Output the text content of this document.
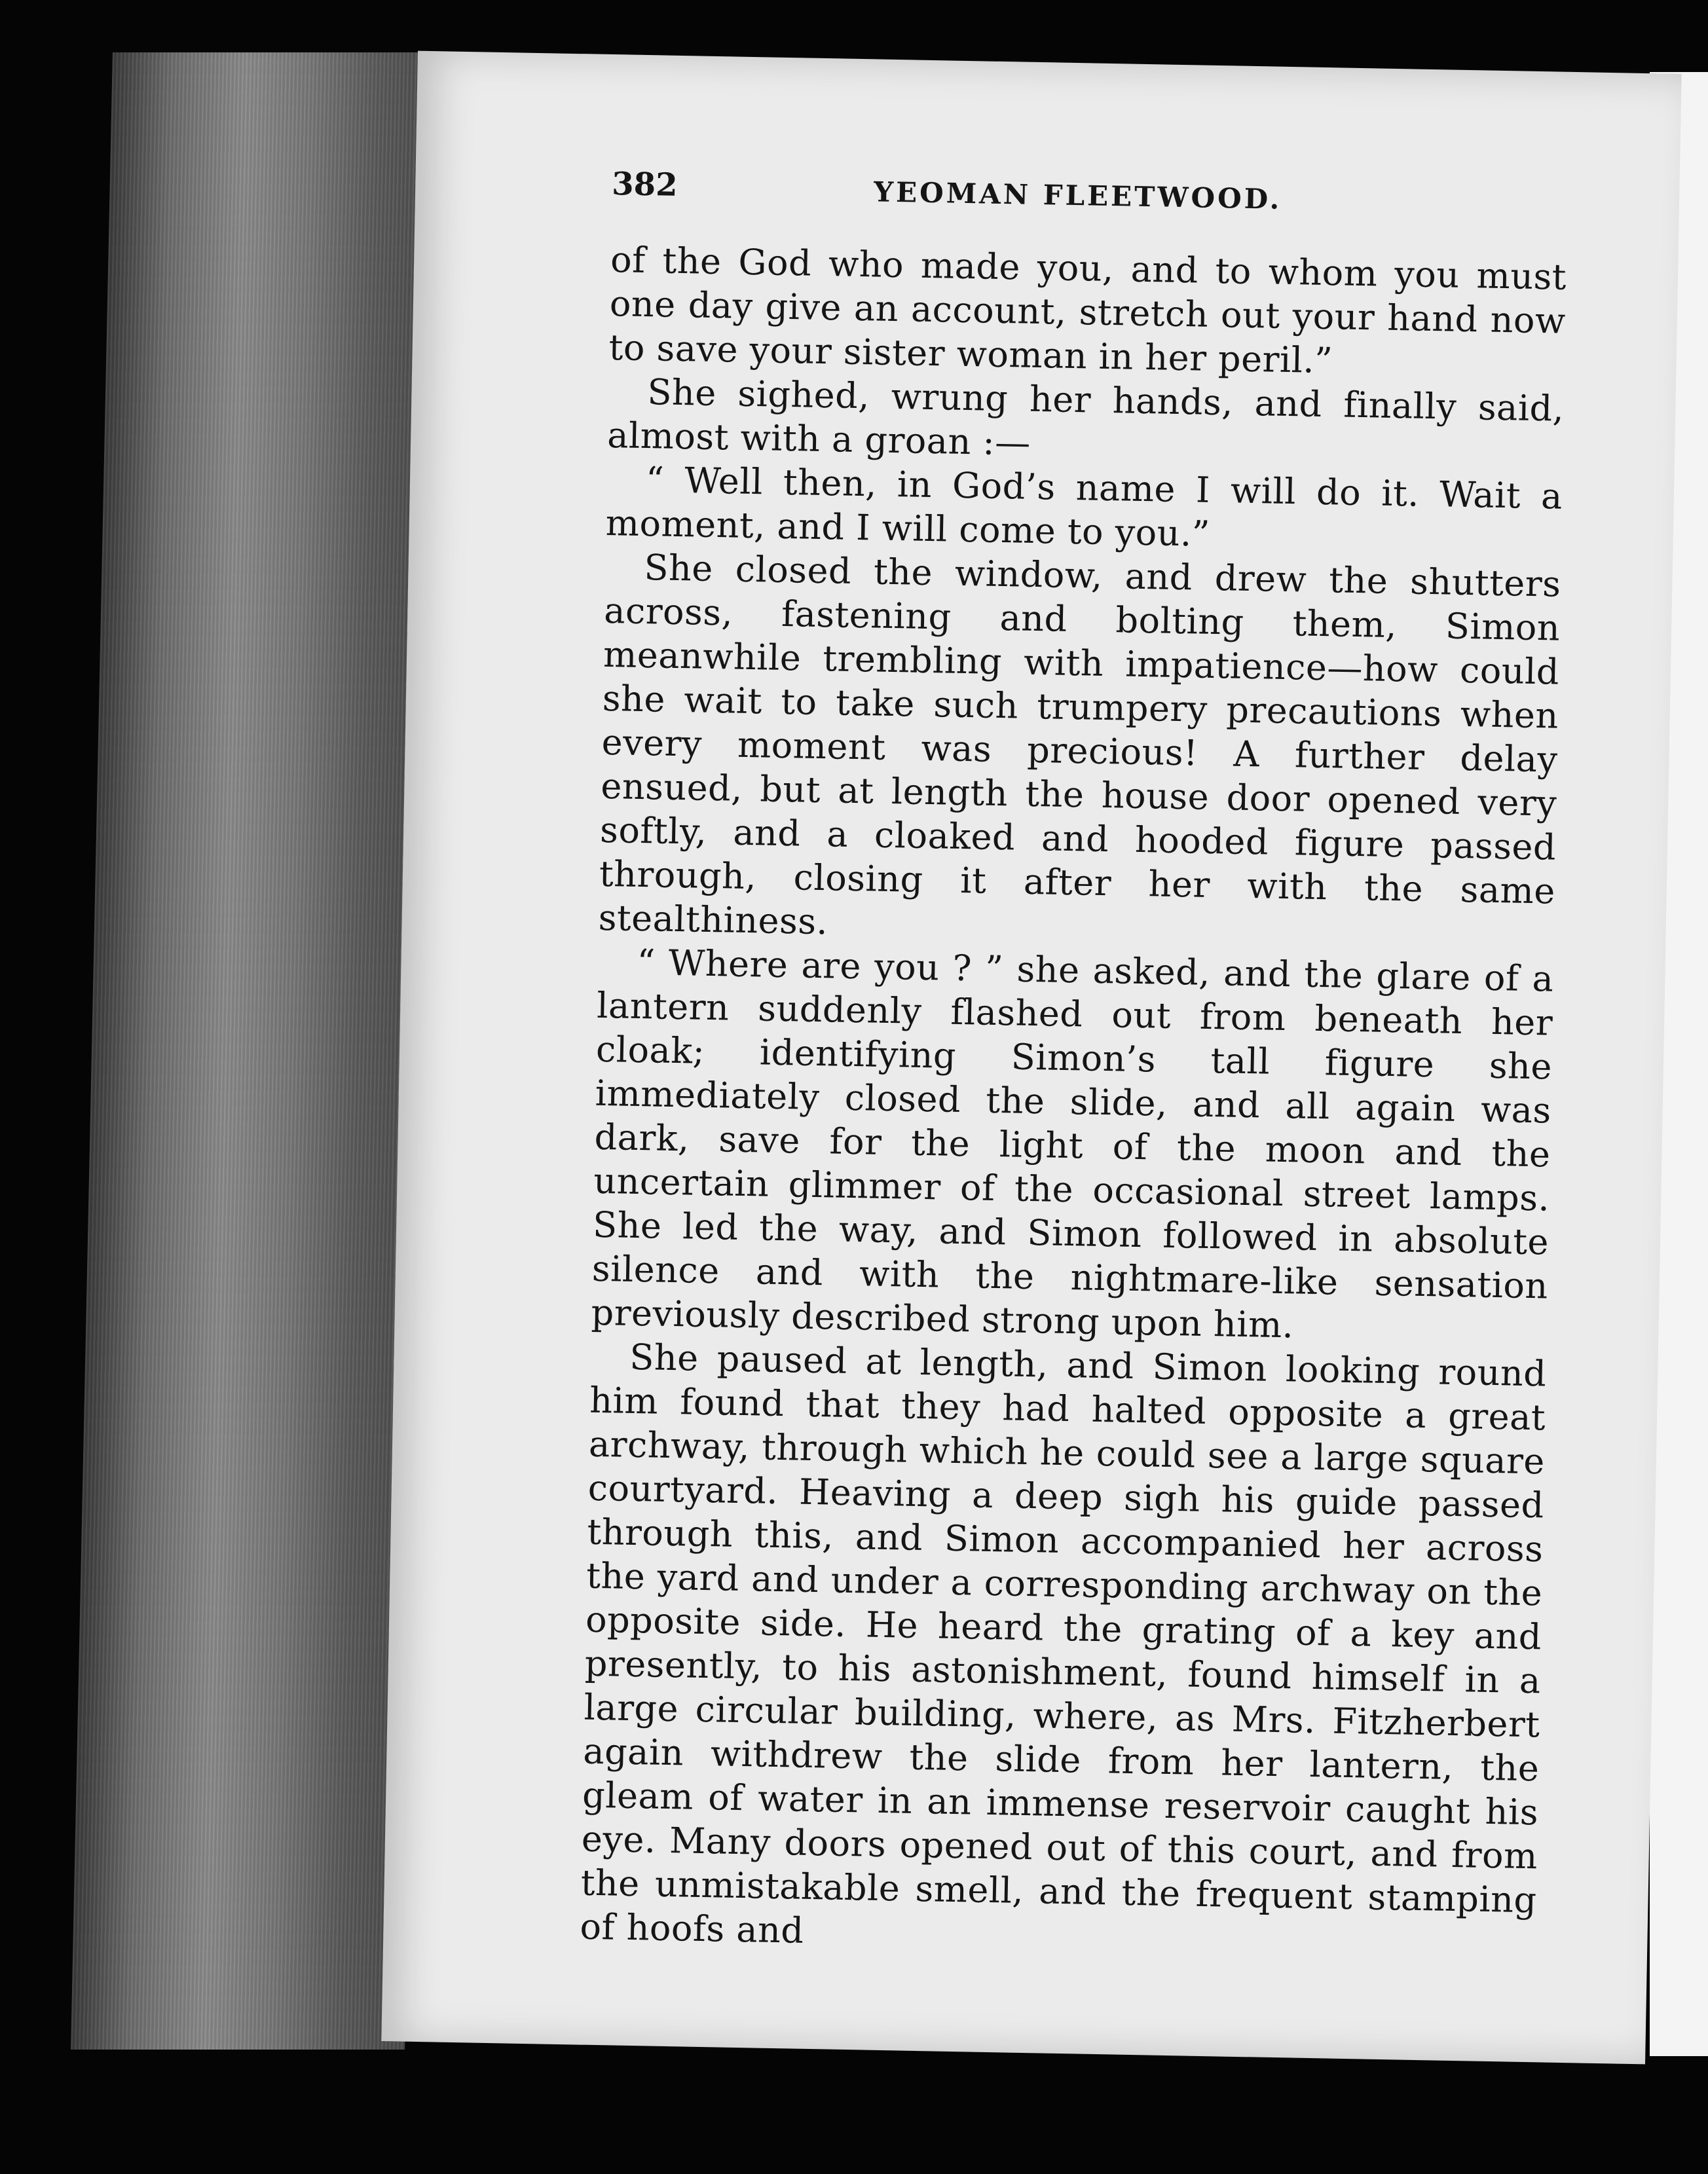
382	YEOMAN FLEETWOOD.

of the God who made you, and to whom you must one day give an account, stretch out your hand now to save your sister woman in her peril.”

She sighed, wrung her hands, and finally said, almost with a groan :—

“ Well then, in God’s name I will do it. Wait a moment, and I will come to you.”

She closed the window, and drew the shutters across, fastening and bolting them, Simon meanwhile trembling with impatience—how could she wait to take such trumpery precautions when every moment was precious! A further delay ensued, but at length the house door opened very softly, and a cloaked and hooded figure passed through, closing it after her with the same stealthiness.

“ Where are you ? ” she asked, and the glare of a lantern suddenly flashed out from beneath her cloak; identifying Simon’s tall figure she immediately closed the slide, and all again was dark, save for the light of the moon and the uncertain glimmer of the occasional street lamps. She led the way, and Simon followed in absolute silence and with the nightmare-like sensation previously described strong upon him.

She paused at length, and Simon looking round him found that they had halted opposite a great archway, through which he could see a large square courtyard. Heaving a deep sigh his guide passed through this, and Simon accompanied her across the yard and under a corresponding archway on the opposite side. He heard the grating of a key and presently, to his astonishment, found himself in a large circular building, where, as Mrs. Fitzherbert again withdrew the slide from her lantern, the gleam of water in an immense reservoir caught his eye. Many doors opened out of this court, and from the unmistakable smell, and the frequent stamping of hoofs and
